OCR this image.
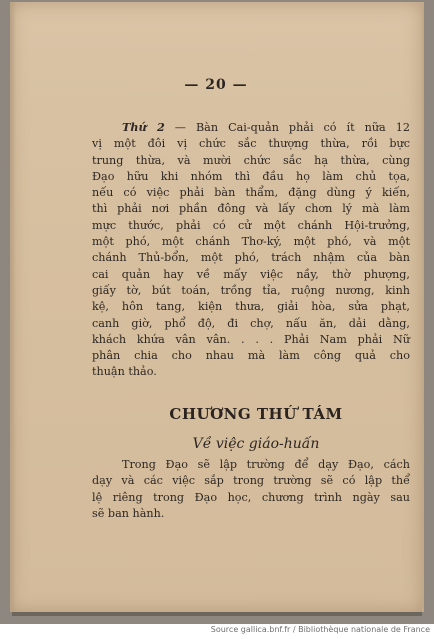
— 20 —
Thứ 2 — Bàn Cai-quản phải có ít nữa 12
vị một đôi vị chức sắc thượng thừa, rồi bực
trung thừa, và mười chức sắc hạ thừa, cùng
Đạo hữu khi nhóm thì đầu họ làm chủ tọa,
nếu có việc phải bàn thẩm, đặng dùng ý kiến,
thì phải nơi phần đông và lấy chơn lý mà làm
mực thước, phải có cử một chánh Hội-trưởng,
một phó, một chánh Thơ-ký, một phó, và một
chánh Thủ-bổn, một phó, trách nhậm của bàn
cai quản hay về mấy việc nầy, thờ phượng,
giấy tờ, bút toán, trồng tỉa, ruộng nương, kinh
kệ, hôn tang, kiện thưa, giải hòa, sửa phạt,
canh giờ, phổ độ, đi chợ, nấu ăn, dải dằng,
khách khứa vân vân. . . . Phải Nam phải Nữ
phân chia cho nhau mà làm công quả cho
thuận thảo.
CHƯƠNG THỨ TÁM
Về việc giáo-huấn
Trong Đạo sẽ lập trường để dạy Đạo, cách
dạy và các việc sắp trong trường sẽ có lập thể
lệ riêng trong Đạo học, chương trình ngày sau
sẽ ban hành.
Source gallica.bnf.fr / Bibliothèque nationale de France
